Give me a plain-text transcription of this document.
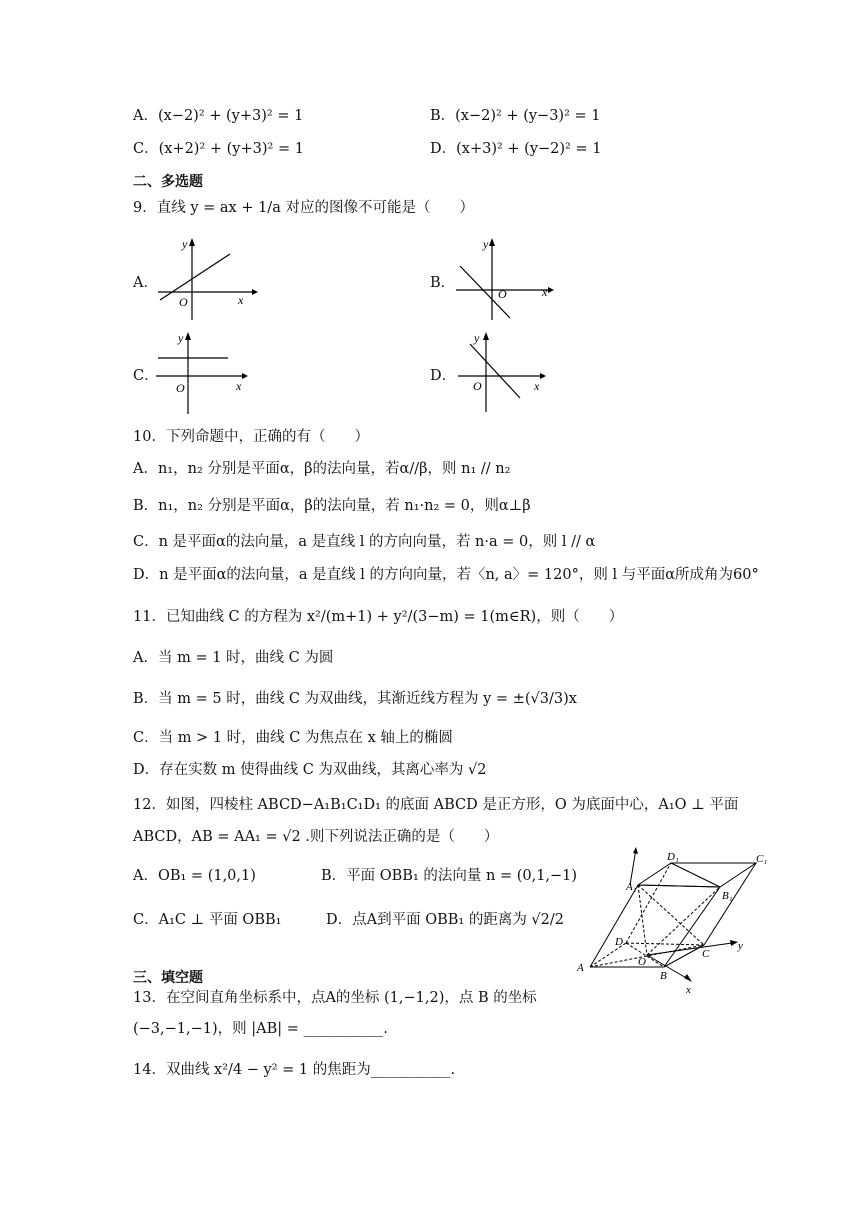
A．(x−2)² + (y+3)² = 1	B．(x−2)² + (y−3)² = 1
C．(x+2)² + (y+3)² = 1	D．(x+3)² + (y−2)² = 1
二、多选题
9．直线 y = ax + 1/a 对应的图像不可能是（　　）
A．
y
x
O
B．
y
x
O
C．
y
x
O
D．
y
x
O
10．下列命题中，正确的有（　　）
A．n₁，n₂ 分别是平面α，β的法向量，若α//β，则 n₁ // n₂
B．n₁，n₂ 分别是平面α，β的法向量，若 n₁·n₂ = 0，则α⊥β
C．n 是平面α的法向量，a 是直线 l 的方向向量，若 n·a = 0，则 l // α
D．n 是平面α的法向量，a 是直线 l 的方向向量，若〈n, a〉= 120°，则 l 与平面α所成角为60°
11．已知曲线 C 的方程为 x²/(m+1) + y²/(3−m) = 1(m∈R)，则（　　）
A．当 m = 1 时，曲线 C 为圆
B．当 m = 5 时，曲线 C 为双曲线，其渐近线方程为 y = ±(√3/3)x
C．当 m > 1 时，曲线 C 为焦点在 x 轴上的椭圆
D．存在实数 m 使得曲线 C 为双曲线，其离心率为 √2
12．如图，四棱柱 ABCD−A₁B₁C₁D₁ 的底面 ABCD 是正方形，O 为底面中心，A₁O ⊥ 平面
ABCD，AB = AA₁ = √2 .则下列说法正确的是（　　）
A．OB₁ = (1,0,1)	B．平面 OBB₁ 的法向量 n = (0,1,−1)
C．A₁C ⊥ 平面 OBB₁	D．点A到平面 OBB₁ 的距离为 √2/2
D₁	C₁
A₁
B₁
D
O
C
A
B
y
x
三、填空题
13．在空间直角坐标系中，点A的坐标 (1,−1,2)，点 B 的坐标
(−3,−1,−1)，则 |AB| = ___________.
14．双曲线 x²/4 − y² = 1 的焦距为___________.
